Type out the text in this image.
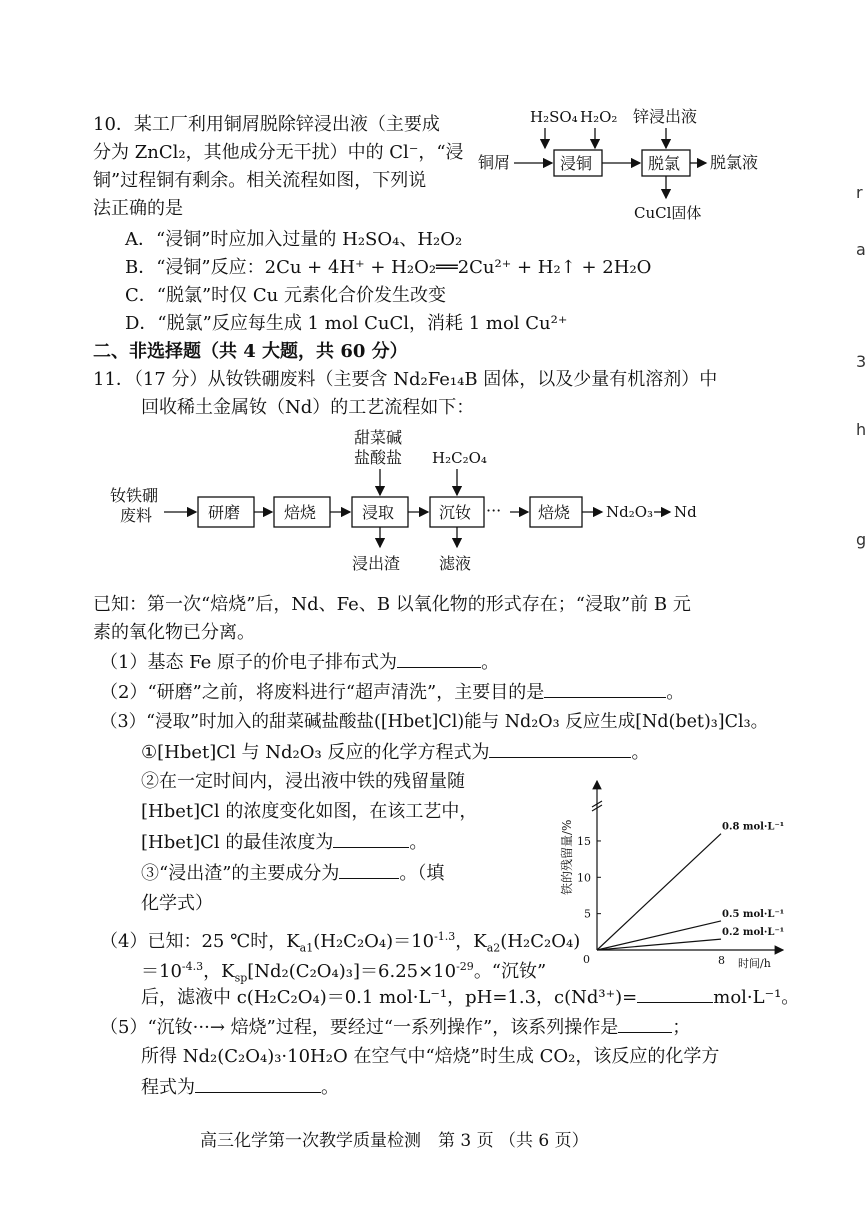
10．某工厂利用铜屑脱除锌浸出液（主要成
分为 ZnCl₂，其他成分无干扰）中的 Cl⁻，“浸
铜”过程铜有剩余。相关流程如图，下列说
法正确的是
H₂SO₄ H₂O₂ 锌浸出液
铜屑	浸铜	脱氯 脱氯液
CuCl固体
A．“浸铜”时应加入过量的 H₂SO₄、H₂O₂
B．“浸铜”反应：2Cu + 4H⁺ + H₂O₂══2Cu²⁺ + H₂↑ + 2H₂O
C．“脱氯”时仅 Cu 元素化合价发生改变
D．“脱氯”反应每生成 1 mol CuCl，消耗 1 mol Cu²⁺
二、非选择题（共 4 大题，共 60 分）
11．（17 分）从钕铁硼废料（主要含 Nd₂Fe₁₄B 固体，以及少量有机溶剂）中
回收稀土金属钕（Nd）的工艺流程如下：
钕铁硼
废料	研磨	焙烧	浸取	沉钕 ··· 焙烧 Nd₂O₃ Nd
甜菜碱
盐酸盐 H₂C₂O₄
浸出渣 滤液
已知：第一次“焙烧”后，Nd、Fe、B 以氧化物的形式存在；“浸取”前 B 元
素的氧化物已分离。
（1）基态 Fe 原子的价电子排布式为	。
（2）“研磨”之前，将废料进行“超声清洗”，主要目的是	。
（3）“浸取”时加入的甜菜碱盐酸盐([Hbet]Cl)能与 Nd₂O₃ 反应生成[Nd(bet)₃]Cl₃。
①[Hbet]Cl 与 Nd₂O₃ 反应的化学方程式为	。
②在一定时间内，浸出液中铁的残留量随
[Hbet]Cl 的浓度变化如图，在该工艺中，
[Hbet]Cl 的最佳浓度为	。
③“浸出渣”的主要成分为	。（填
化学式）
铁的残留量/%
时间/h
0
5
10
15
8
0.8 mol·L⁻¹
0.5 mol·L⁻¹
0.2 mol·L⁻¹
（4）已知：25 ℃时，$K_{a1}(H_2C_2O_4)=10^{-1.3}$，$K_{a2}(H_2C_2O_4)$
$=10^{-4.3}$，$K_{sp}[Nd_2(C_2O_4)_3]=6.25\times 10^{-29}$。“沉钕”
后，滤液中 c(H₂C₂O₄)＝0.1 mol·L⁻¹，pH=1.3，c(Nd³⁺)=	mol·L⁻¹。
（5）“沉钕···→ 焙烧”过程，要经过“一系列操作”，该系列操作是	；
所得 Nd₂(C₂O₄)₃·10H₂O 在空气中“焙烧”时生成 CO₂，该反应的化学方
程式为	。
高三化学第一次教学质量检测　第 3 页 （共 6 页）
r
a
3
h
g
